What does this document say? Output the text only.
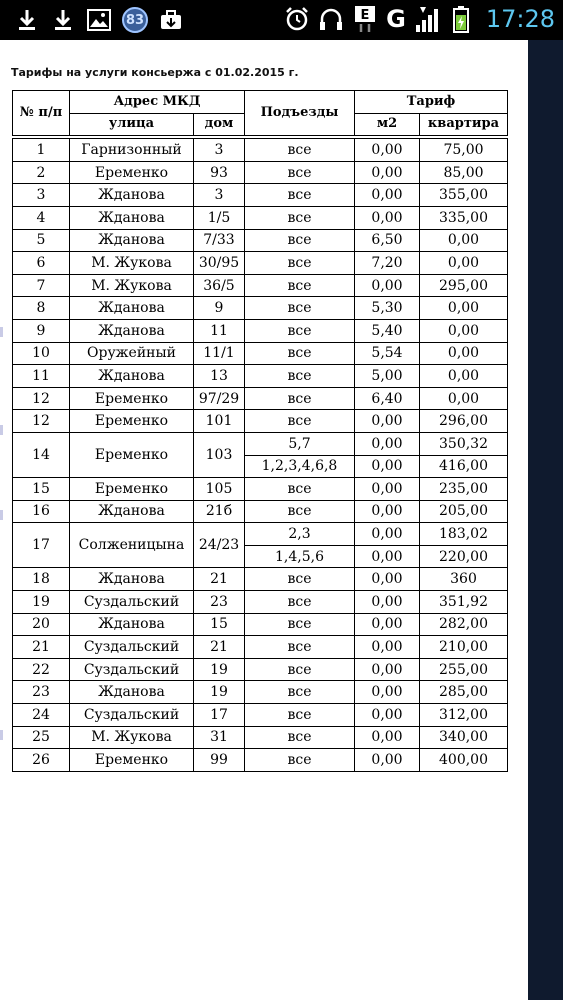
83	E G	17:28

Тарифы на услуги консьержа с 01.02.2015 г.

№ п/п	Адрес МКД		Подъезды	Тариф	
	улица	дом		м2	квартира

1	Гарнизонный	3	все	0,00	75,00
2	Еременко	93	все	0,00	85,00
3	Жданова	3	все	0,00	355,00
4	Жданова	1/5	все	0,00	335,00
5	Жданова	7/33	все	6,50	0,00
6	М. Жукова	30/95	все	7,20	0,00
7	М. Жукова	36/5	все	0,00	295,00
8	Жданова	9	все	5,30	0,00
9	Жданова	11	все	5,40	0,00
10	Оружейный	11/1	все	5,54	0,00
11	Жданова	13	все	5,00	0,00
12	Еременко	97/29	все	6,40	0,00
12	Еременко	101	все	0,00	296,00
14	Еременко	103	5,7	0,00	350,32
			1,2,3,4,6,8	0,00	416,00
15	Еременко	105	все	0,00	235,00
16	Жданова	21б	все	0,00	205,00
17	Солженицына	24/23	2,3	0,00	183,02
			1,4,5,6	0,00	220,00
18	Жданова	21	все	0,00	360
19	Суздальский	23	все	0,00	351,92
20	Жданова	15	все	0,00	282,00
21	Суздальский	21	все	0,00	210,00
22	Суздальский	19	все	0,00	255,00
23	Жданова	19	все	0,00	285,00
24	Суздальский	17	все	0,00	312,00
25	М. Жукова	31	все	0,00	340,00
26	Еременко	99	все	0,00	400,00
